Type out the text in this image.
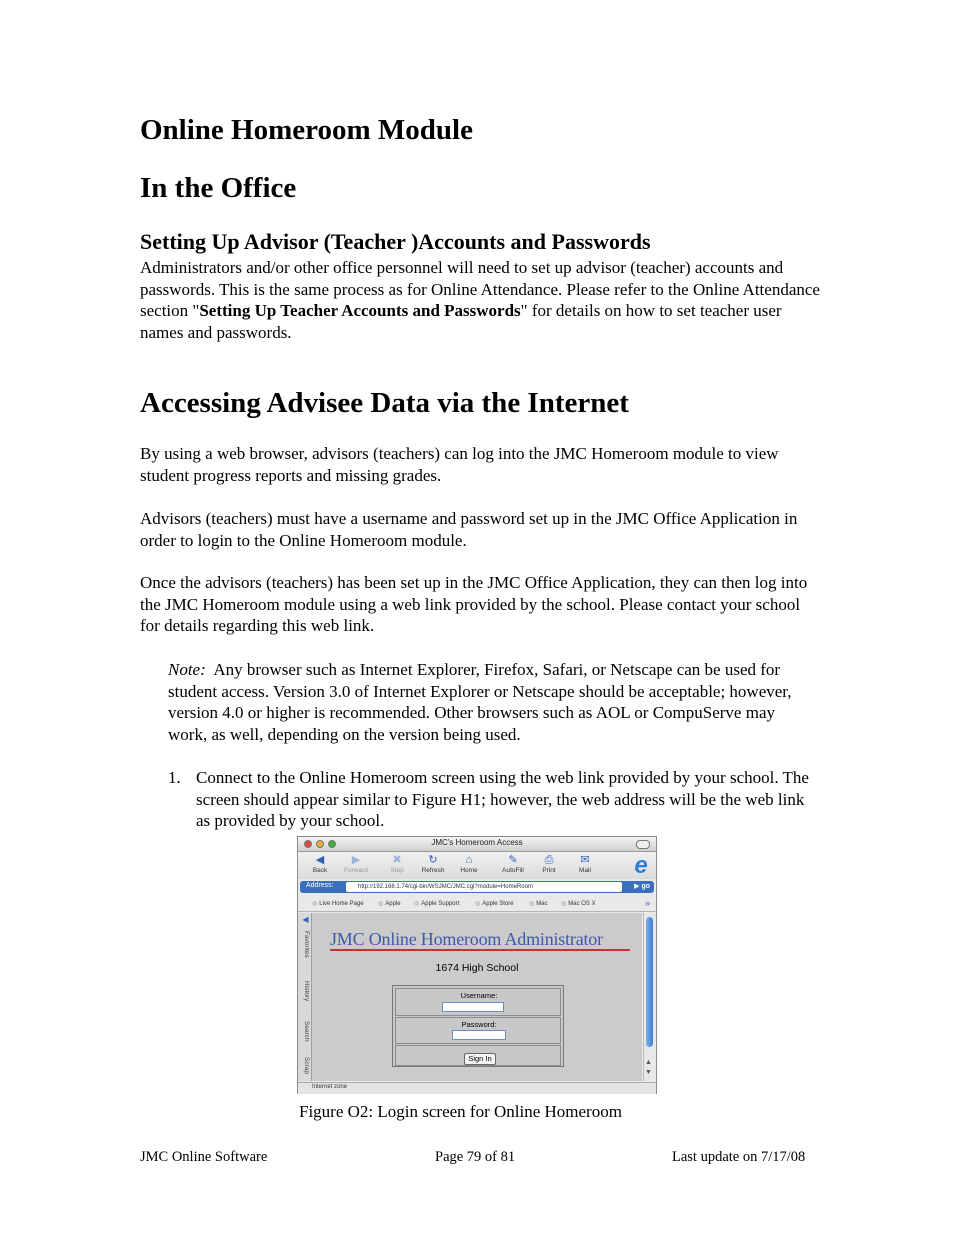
Online Homeroom Module
In the Office
Setting Up Advisor (Teacher )Accounts and Passwords

Administrators and/or other office personnel will need to set up advisor (teacher) accounts and passwords. This is the same process as for Online Attendance. Please refer to the Online Attendance section "Setting Up Teacher Accounts and Passwords" for details on how to set teacher user names and passwords.

Accessing Advisee Data via the Internet

By using a web browser, advisors (teachers) can log into the JMC Homeroom module to view student progress reports and missing grades.

Advisors (teachers) must have a username and password set up in the JMC Office Application in order to login to the Online Homeroom module.

Once the advisors (teachers) has been set up in the JMC Office Application, they can then log into the JMC Homeroom module using a web link provided by the school. Please contact your school for details regarding this web link.

Note: Any browser such as Internet Explorer, Firefox, Safari, or Netscape can be used for student access. Version 3.0 of Internet Explorer or Netscape should be acceptable; however, version 4.0 or higher is recommended. Other browsers such as AOL or CompuServe may work, as well, depending on the version being used.

1. Connect to the Online Homeroom screen using the web link provided by your school. The screen should appear similar to Figure H1; however, the web address will be the web link as provided by your school.

JMC's Homeroom Access
◀
Back
▶
Forward
✖
Stop
↻
Refresh
⌂
Home
✎
AutoFill
⎙
Print
✉
Mail	e
Address:	http://192.168.1.74/cgi-bin/WSJMC/JMC.cgi?module=HomeRoom	▶ go
◎ Live Home Page	◎ Apple	◎ Apple Support	◎ Apple Store	◎ Mac	◎ Mac OS X	»
◀
Favorites
History
Search
Scrap
JMC Online Homeroom Administrator
1674 High School
Username:
Password:
Sign In	▲
▼
Internet zone

Figure O2: Login screen for Online Homeroom

JMC Online Software	Page 79 of 81	Last update on 7/17/08
